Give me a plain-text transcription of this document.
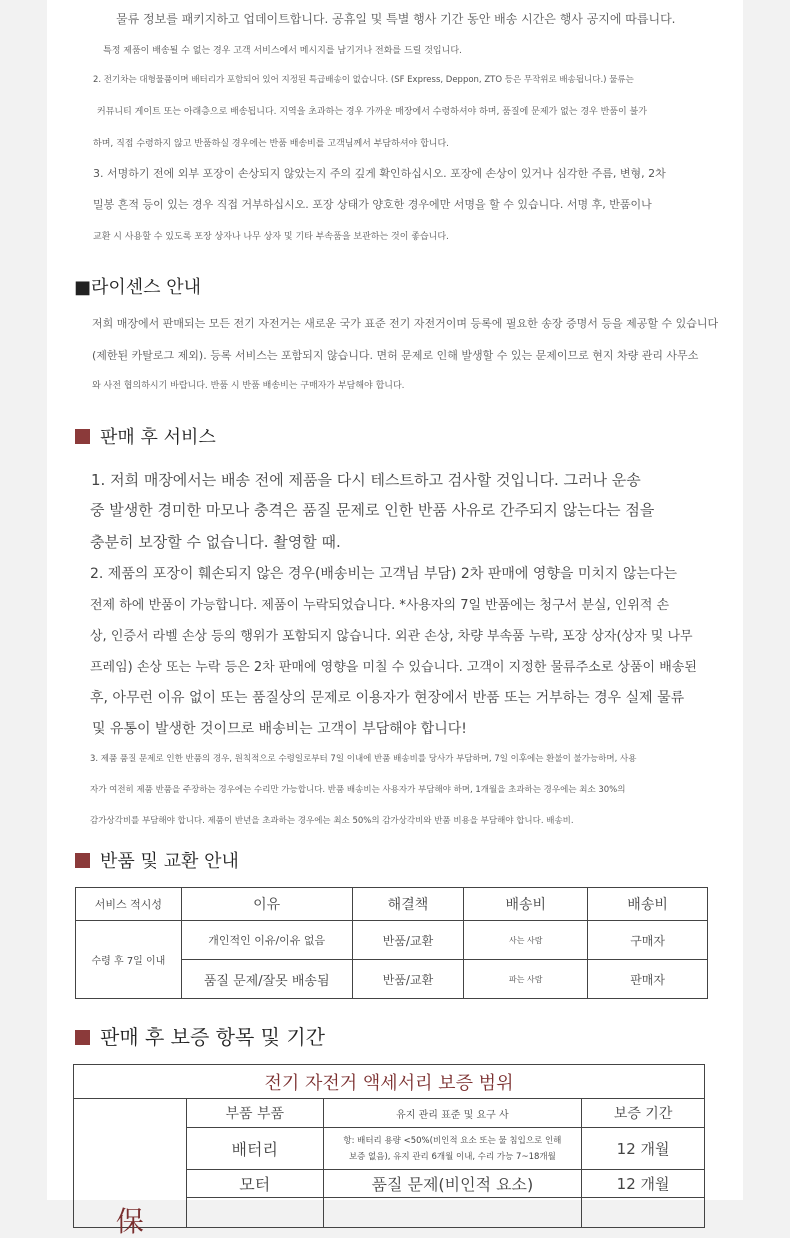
물류 정보를 패키지하고 업데이트합니다. 공휴일 및 특별 행사 기간 동안 배송 시간은 행사 공지에 따릅니다.
특정 제품이 배송될 수 없는 경우 고객 서비스에서 메시지를 남기거나 전화를 드릴 것입니다.
2. 전기차는 대형물품이며 배터리가 포함되어 있어 지정된 특급배송이 없습니다. (SF Express, Deppon, ZTO 등은 무작위로 배송됩니다.) 물류는
커뮤니티 게이트 또는 아래층으로 배송됩니다. 지역을 초과하는 경우 가까운 매장에서 수령하셔야 하며, 품질에 문제가 없는 경우 반품이 불가
하며, 직접 수령하지 않고 반품하실 경우에는 반품 배송비를 고객님께서 부담하셔야 합니다.
3. 서명하기 전에 외부 포장이 손상되지 않았는지 주의 깊게 확인하십시오. 포장에 손상이 있거나 심각한 주름, 변형, 2차
밀봉 흔적 등이 있는 경우 직접 거부하십시오. 포장 상태가 양호한 경우에만 서명을 할 수 있습니다. 서명 후, 반품이나
교환 시 사용할 수 있도록 포장 상자나 나무 상자 및 기타 부속품을 보관하는 것이 좋습니다.
■라이센스 안내
저희 매장에서 판매되는 모든 전기 자전거는 새로운 국가 표준 전기 자전거이며 등록에 필요한 송장 증명서 등을 제공할 수 있습니다
(제한된 카탈로그 제외). 등록 서비스는 포함되지 않습니다. 면허 문제로 인해 발생할 수 있는 문제이므로 현지 차량 관리 사무소
와 사전 협의하시기 바랍니다. 반품 시 반품 배송비는 구매자가 부담해야 합니다.
판매 후 서비스
1. 저희 매장에서는 배송 전에 제품을 다시 테스트하고 검사할 것입니다. 그러나 운송
중 발생한 경미한 마모나 충격은 품질 문제로 인한 반품 사유로 간주되지 않는다는 점을
충분히 보장할 수 없습니다. 촬영할 때.
2. 제품의 포장이 훼손되지 않은 경우(배송비는 고객님 부담) 2차 판매에 영향을 미치지 않는다는
전제 하에 반품이 가능합니다. 제품이 누락되었습니다. *사용자의 7일 반품에는 청구서 분실, 인위적 손
상, 인증서 라벨 손상 등의 행위가 포함되지 않습니다. 외관 손상, 차량 부속품 누락, 포장 상자(상자 및 나무
프레임) 손상 또는 누락 등은 2차 판매에 영향을 미칠 수 있습니다. 고객이 지정한 물류주소로 상품이 배송된
후, 아무런 이유 없이 또는 품질상의 문제로 이용자가 현장에서 반품 또는 거부하는 경우 실제 물류
및 유통이 발생한 것이므로 배송비는 고객이 부담해야 합니다!
3. 제품 품질 문제로 인한 반품의 경우, 원칙적으로 수령일로부터 7일 이내에 반품 배송비를 당사가 부담하며, 7일 이후에는 환불이 불가능하며, 사용
자가 여전히 제품 반품을 주장하는 경우에는 수리만 가능합니다. 반품 배송비는 사용자가 부담해야 하며, 1개월을 초과하는 경우에는 최소 30%의
감가상각비를 부담해야 합니다. 제품이 반년을 초과하는 경우에는 최소 50%의 감가상각비와 반품 비용을 부담해야 합니다. 배송비.
반품 및 교환 안내
서비스 적시성	이유	해결책	배송비	배송비
수령 후 7일 이내	개인적인 이유/이유 없음	반품/교환	사는 사람	구매자
	품질 문제/잘못 배송됨	반품/교환	파는 사람	판매자
판매 후 보증 항목 및 기간
전기 자전거 액세서리 보증 범위			

保	부품 부품	유지 관리 표준 및 요구 사	보증 기간
	배터리	항: 배터리 용량 <50%(비인적 요소 또는 물 침입으로 인해
보증 없음), 유지 관리 6개월 이내, 수리 가능 7~18개월	12 개월
	모터	품질 문제(비인적 요소)	12 개월
